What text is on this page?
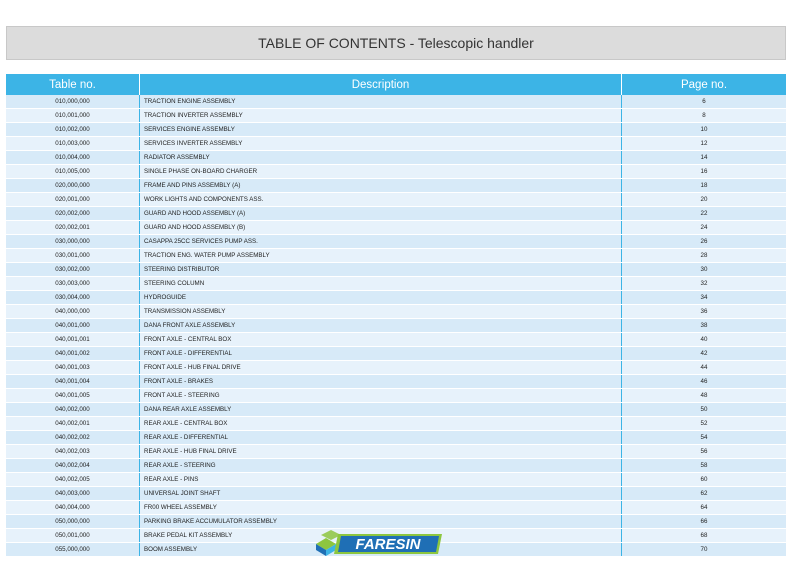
TABLE OF CONTENTS - Telescopic handler
Table no.	Description	Page no.
010,000,000	TRACTION ENGINE ASSEMBLY	6
010,001,000	TRACTION INVERTER ASSEMBLY	8
010,002,000	SERVICES ENGINE ASSEMBLY	10
010,003,000	SERVICES INVERTER ASSEMBLY	12
010,004,000	RADIATOR ASSEMBLY	14
010,005,000	SINGLE PHASE ON-BOARD CHARGER	16
020,000,000	FRAME AND PINS ASSEMBLY (A)	18
020,001,000	WORK LIGHTS AND COMPONENTS ASS.	20
020,002,000	GUARD AND HOOD ASSEMBLY (A)	22
020,002,001	GUARD AND HOOD ASSEMBLY (B)	24
030,000,000	CASAPPA 25CC SERVICES PUMP ASS.	26
030,001,000	TRACTION ENG. WATER PUMP ASSEMBLY	28
030,002,000	STEERING DISTRIBUTOR	30
030,003,000	STEERING COLUMN	32
030,004,000	HYDROGUIDE	34
040,000,000	TRANSMISSION ASSEMBLY	36
040,001,000	DANA FRONT AXLE ASSEMBLY	38
040,001,001	FRONT AXLE - CENTRAL BOX	40
040,001,002	FRONT AXLE - DIFFERENTIAL	42
040,001,003	FRONT AXLE - HUB FINAL DRIVE	44
040,001,004	FRONT AXLE - BRAKES	46
040,001,005	FRONT AXLE - STEERING	48
040,002,000	DANA REAR AXLE ASSEMBLY	50
040,002,001	REAR AXLE - CENTRAL BOX	52
040,002,002	REAR AXLE - DIFFERENTIAL	54
040,002,003	REAR AXLE - HUB FINAL DRIVE	56
040,002,004	REAR AXLE - STEERING	58
040,002,005	REAR AXLE - PINS	60
040,003,000	UNIVERSAL JOINT SHAFT	62
040,004,000	FR00 WHEEL ASSEMBLY	64
050,000,000	PARKING BRAKE ACCUMULATOR ASSEMBLY	66
050,001,000	BRAKE PEDAL KIT ASSEMBLY	68
055,000,000	BOOM ASSEMBLY	70
FARESIN
